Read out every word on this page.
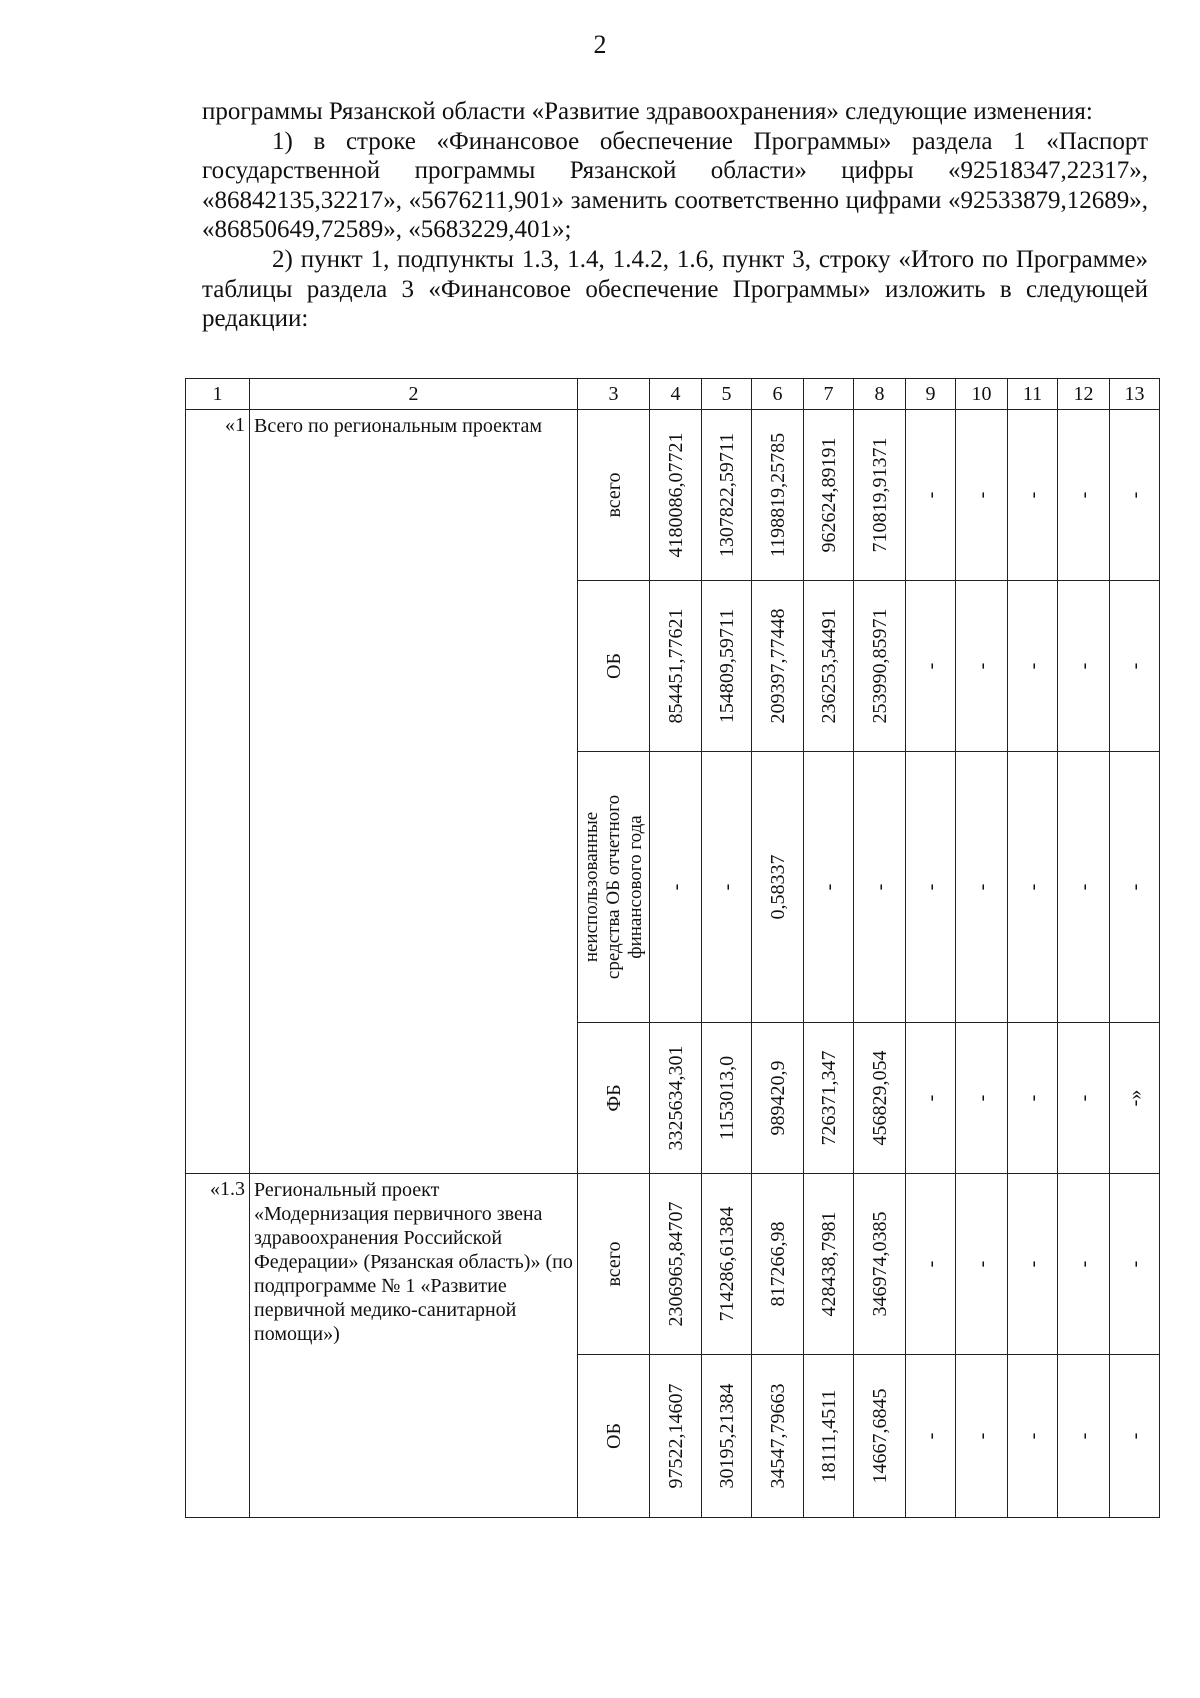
2

программы Рязанской области «Развитие здравоохранения» следующие изменения:

1) в строке «Финансовое обеспечение Программы» раздела 1 «Паспорт государственной программы Рязанской области» цифры «92518347,22317», «86842135,32217», «5676211,901» заменить соответственно цифрами «92533879,12689», «86850649,72589», «5683229,401»;

2) пункт 1, подпункты 1.3, 1.4, 1.4.2, 1.6, пункт 3, строку «Итого по Программе» таблицы раздела 3 «Финансовое обеспечение Программы» изложить в следующей редакции:

1	2	3	4	5	6	7	8	9	10	11	12	13
«1	Всего по региональным проектам	всего	4180086,07721	1307822,59711	1198819,25785	962624,89191	710819,91371	-	-	-	-	-

		ОБ	854451,77621	154809,59711	209397,77448	236253,54491	253990,85971	-	-	-	-	-

		неиспользованные
средства ОБ отчетного
финансового года	-	-	0,58337	-	-	-	-	-	-	-

		ФБ	3325634,301	1153013,0	989420,9	726371,347	456829,054	-	-	-	-	-»

«1.3	Региональный проект «Модернизация первичного звена здравоохранения Российской Федерации» (Рязанская область)» (по подпрограмме № 1 «Развитие первичной медико-санитарной помощи»)	всего	2306965,84707	714286,61384	817266,98	428438,7981	346974,0385	-	-	-	-	-

		ОБ	97522,14607	30195,21384	34547,79663	18111,4511	14667,6845	-	-	-	-	-
